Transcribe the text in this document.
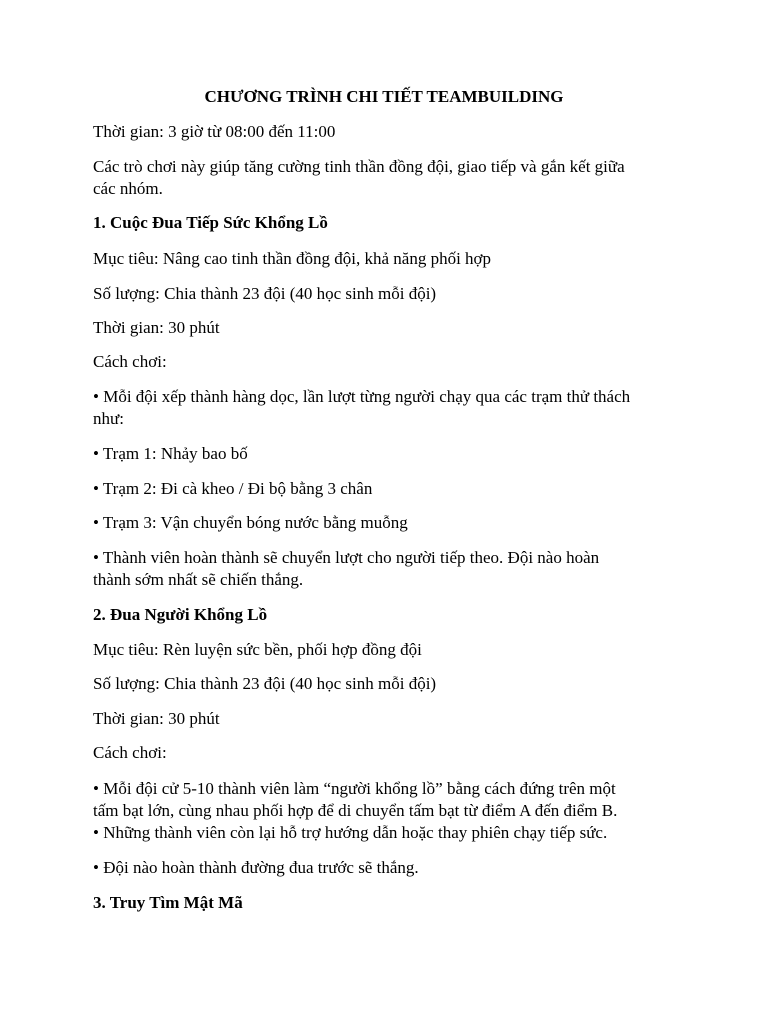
CHƯƠNG TRÌNH CHI TIẾT TEAMBUILDING
Thời gian: 3 giờ từ 08:00 đến 11:00
Các trò chơi này giúp tăng cường tinh thần đồng đội, giao tiếp và gắn kết giữa
các nhóm.
1. Cuộc Đua Tiếp Sức Khổng Lồ
Mục tiêu: Nâng cao tinh thần đồng đội, khả năng phối hợp
Số lượng: Chia thành 23 đội (40 học sinh mỗi đội)
Thời gian: 30 phút
Cách chơi:
• Mỗi đội xếp thành hàng dọc, lần lượt từng người chạy qua các trạm thử thách
như:
• Trạm 1: Nhảy bao bố
• Trạm 2: Đi cà kheo / Đi bộ bằng 3 chân
• Trạm 3: Vận chuyển bóng nước bằng muỗng
• Thành viên hoàn thành sẽ chuyển lượt cho người tiếp theo. Đội nào hoàn
thành sớm nhất sẽ chiến thắng.
2. Đua Người Khổng Lồ
Mục tiêu: Rèn luyện sức bền, phối hợp đồng đội
Số lượng: Chia thành 23 đội (40 học sinh mỗi đội)
Thời gian: 30 phút
Cách chơi:
• Mỗi đội cử 5-10 thành viên làm “người khổng lồ” bằng cách đứng trên một
tấm bạt lớn, cùng nhau phối hợp để di chuyển tấm bạt từ điểm A đến điểm B.
• Những thành viên còn lại hỗ trợ hướng dẫn hoặc thay phiên chạy tiếp sức.
• Đội nào hoàn thành đường đua trước sẽ thắng.
3. Truy Tìm Mật Mã
